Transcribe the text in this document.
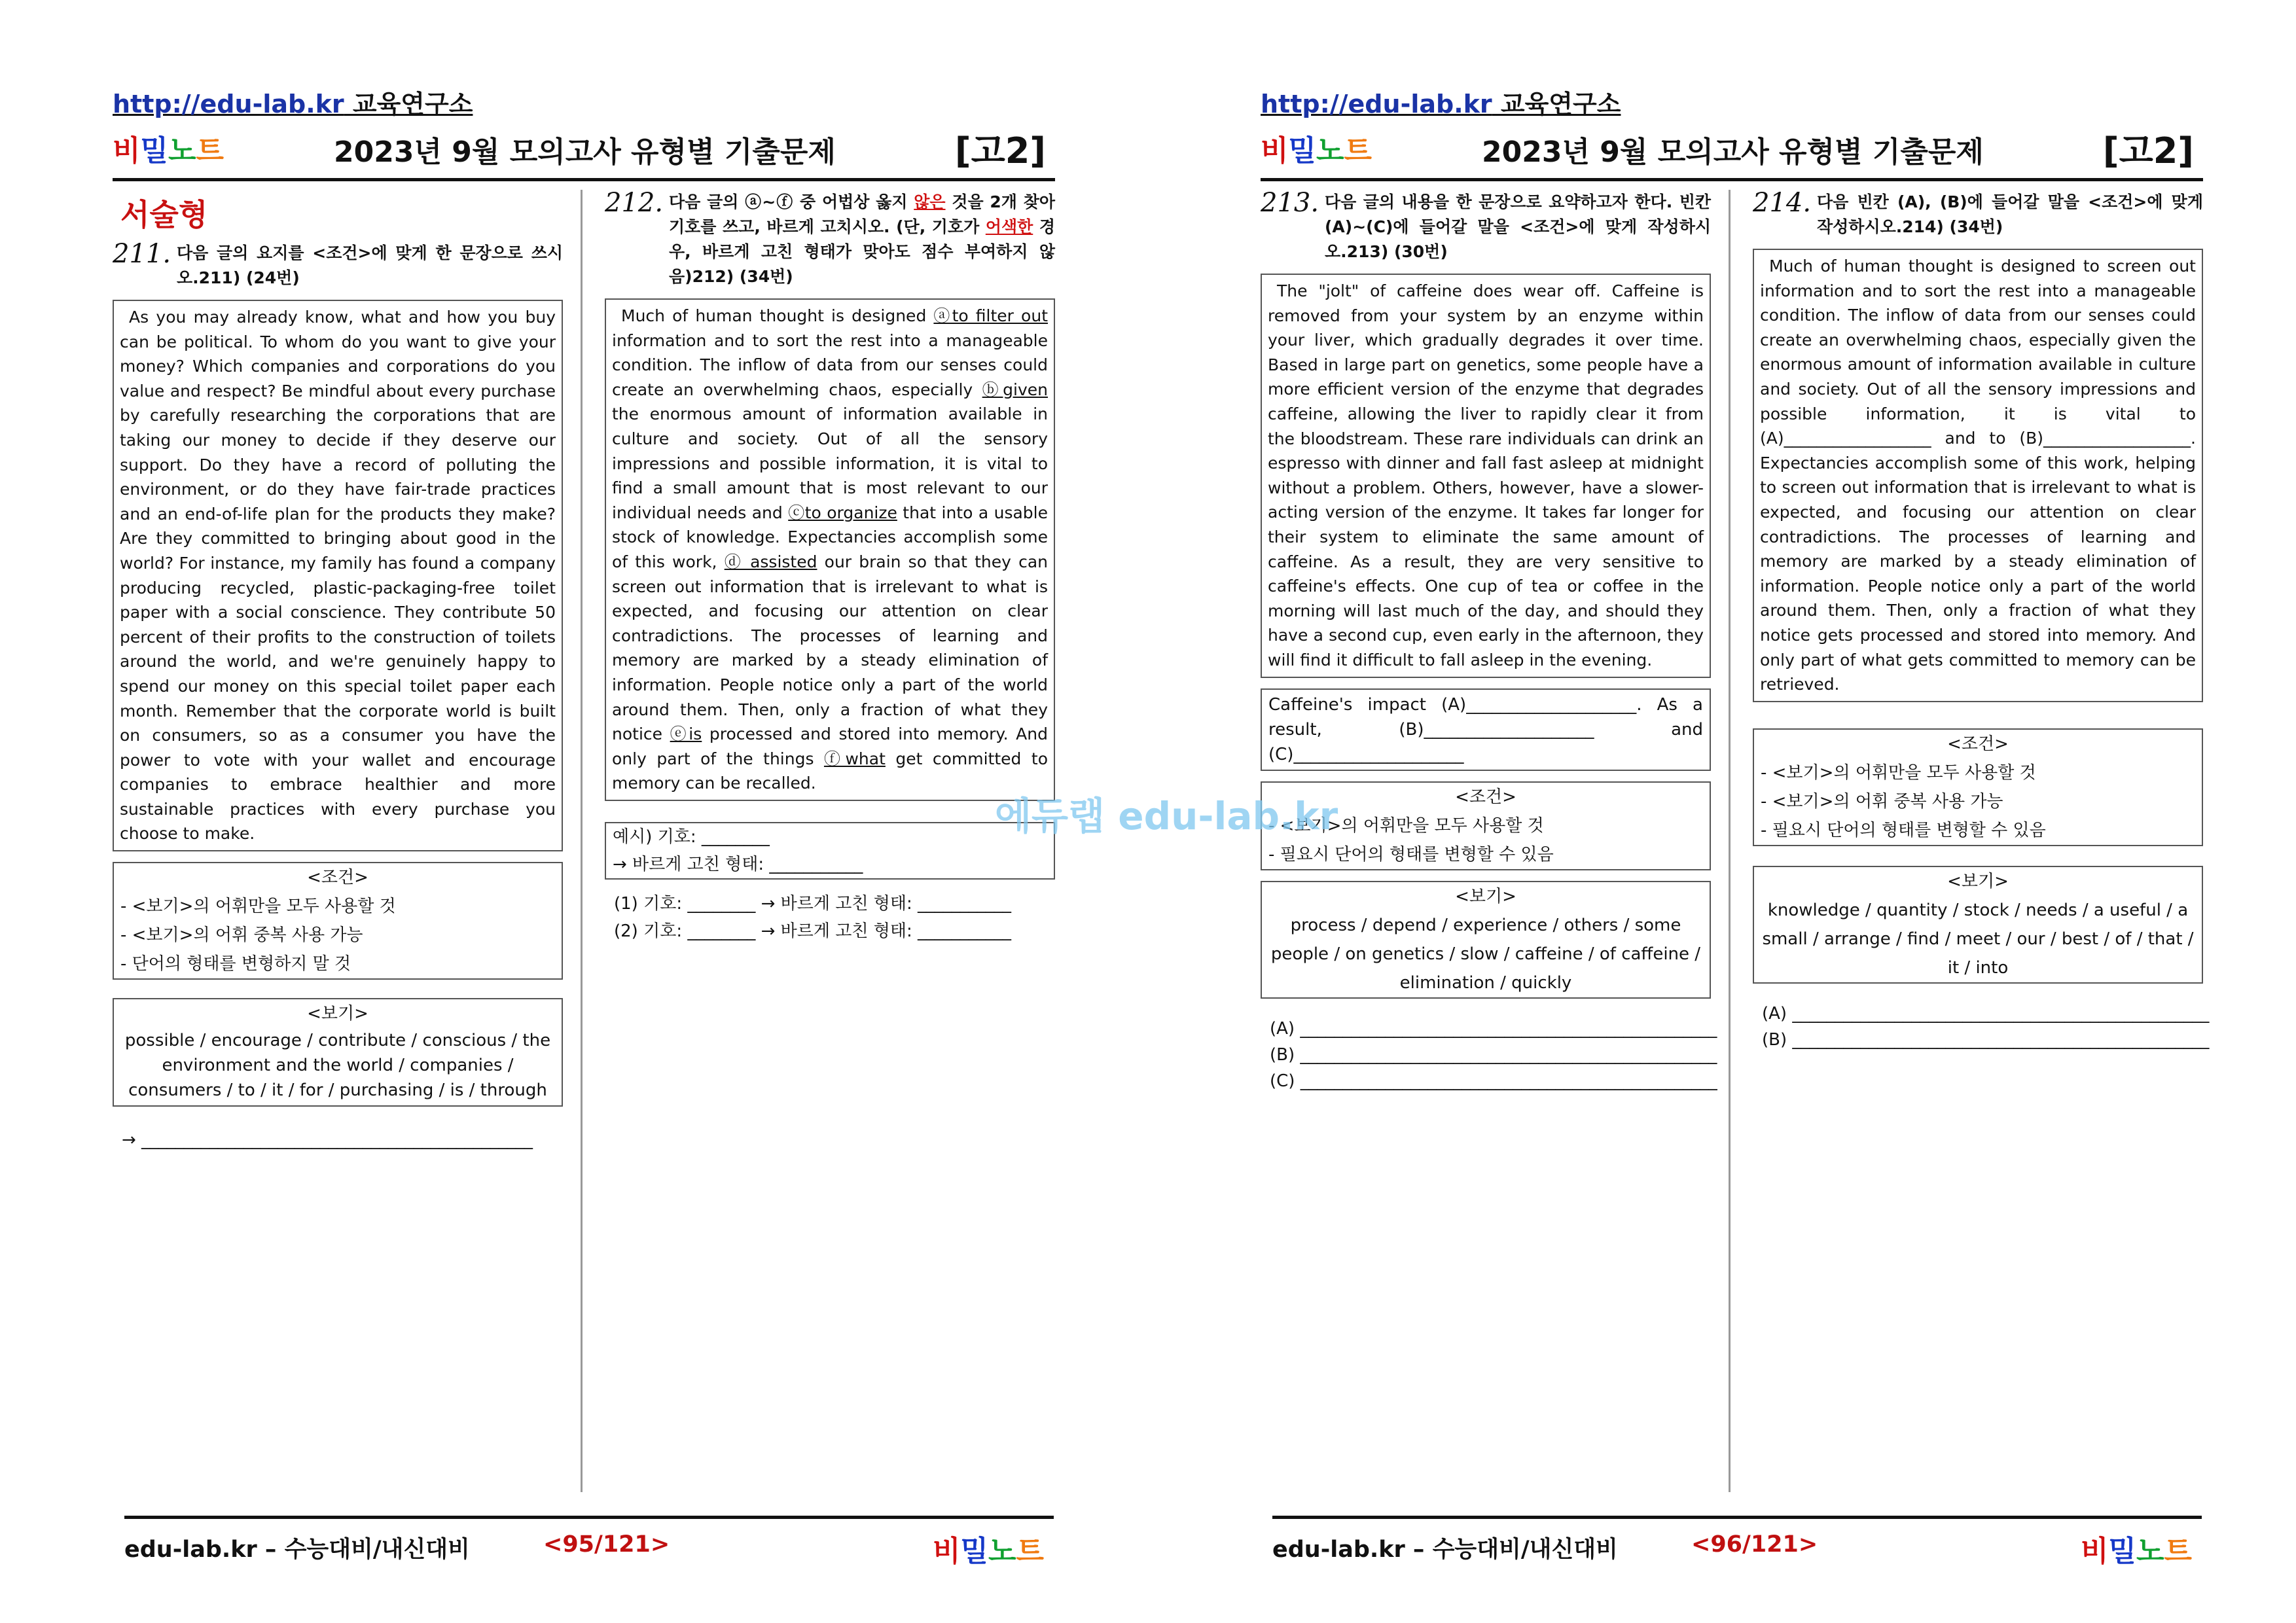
http://edu-lab.kr 교육연구소
비밀노트	2023년 9월 모의고사 유형별 기출문제	[고2]
서술형
211. 다음 글의 요지를 <조건>에 맞게 한 문장으로 쓰시오.211) (24번)
As you may already know, what and how you buy can be political. To whom do you want to give your money? Which companies and corporations do you value and respect? Be mindful about every purchase by carefully researching the corporations that are taking our money to decide if they deserve our support. Do they have a record of polluting the environment, or do they have fair-trade practices and an end-of-life plan for the products they make? Are they committed to bringing about good in the world? For instance, my family has found a company producing recycled, plastic-packaging-free toilet paper with a social conscience. They contribute 50 percent of their profits to the construction of toilets around the world, and we're genuinely happy to spend our money on this special toilet paper each month. Remember that the corporate world is built on consumers, so as a consumer you have the power to vote with your wallet and encourage companies to embrace healthier and more sustainable practices with every purchase you choose to make.
<조건>
- <보기>의 어휘만을 모두 사용할 것
- <보기>의 어휘 중복 사용 가능
- 단어의 형태를 변형하지 말 것
<보기>
possible / encourage / contribute / conscious / the environment and the world / companies / consumers / to / it / for / purchasing / is / through
→ ______________________________________________
212. 다음 글의 ⓐ~ⓕ 중 어법상 옳지 않은 것을 2개 찾아 기호를 쓰고, 바르게 고치시오. (단, 기호가 어색한 경우, 바르게 고친 형태가 맞아도 점수 부여하지 않음)212) (34번)
Much of human thought is designed ⓐto filter out information and to sort the rest into a manageable condition. The inflow of data from our senses could create an overwhelming chaos, especially ⓑgiven the enormous amount of information available in culture and society. Out of all the sensory impressions and possible information, it is vital to find a small amount that is most relevant to our individual needs and ⓒto organize that into a usable stock of knowledge. Expectancies accomplish some of this work, ⓓ assisted our brain so that they can screen out information that is irrelevant to what is expected, and focusing our attention on clear contradictions. The processes of learning and memory are marked by a steady elimination of information. People notice only a part of the world around them. Then, only a fraction of what they notice ⓔis processed and stored into memory. And only part of the things ⓕwhat get committed to memory can be recalled.
예시) 기호: ________
→ 바르게 고친 형태: ___________
(1) 기호: ________ → 바르게 고친 형태: ___________
(2) 기호: ________ → 바르게 고친 형태: ___________
edu-lab.kr – 수능대비/내신대비	<95/121>	비밀노트
http://edu-lab.kr 교육연구소
비밀노트	2023년 9월 모의고사 유형별 기출문제	[고2]
213. 다음 글의 내용을 한 문장으로 요약하고자 한다. 빈칸 (A)~(C)에 들어갈 말을 <조건>에 맞게 작성하시오.213) (30번)
The "jolt" of caffeine does wear off. Caffeine is removed from your system by an enzyme within your liver, which gradually degrades it over time. Based in large part on genetics, some people have a more efficient version of the enzyme that degrades caffeine, allowing the liver to rapidly clear it from the bloodstream. These rare individuals can drink an espresso with dinner and fall fast asleep at midnight without a problem. Others, however, have a slower-acting version of the enzyme. It takes far longer for their system to eliminate the same amount of caffeine. As a result, they are very sensitive to caffeine's effects. One cup of tea or coffee in the morning will last much of the day, and should they have a second cup, even early in the afternoon, they will find it difficult to fall asleep in the evening.
Caffeine's impact (A)____________________. As a result, (B)____________________ and (C)____________________
<조건>
- <보기>의 어휘만을 모두 사용할 것
- 필요시 단어의 형태를 변형할 수 있음
<보기>
process / depend / experience / others / some people / on genetics / slow / caffeine / of caffeine / elimination / quickly
(A) _________________________________________________
(B) _________________________________________________
(C) _________________________________________________
214. 다음 빈칸 (A), (B)에 들어갈 말을 <조건>에 맞게 작성하시오.214) (34번)
Much of human thought is designed to screen out information and to sort the rest into a manageable condition. The inflow of data from our senses could create an overwhelming chaos, especially given the enormous amount of information available in culture and society. Out of all the sensory impressions and possible information, it is vital to (A)__________________ and to (B)__________________. Expectancies accomplish some of this work, helping to screen out information that is irrelevant to what is expected, and focusing our attention on clear contradictions. The processes of learning and memory are marked by a steady elimination of information. People notice only a part of the world around them. Then, only a fraction of what they notice gets processed and stored into memory. And only part of what gets committed to memory can be retrieved.
<조건>
- <보기>의 어휘만을 모두 사용할 것
- <보기>의 어휘 중복 사용 가능
- 필요시 단어의 형태를 변형할 수 있음
<보기>
knowledge / quantity / stock / needs / a useful / a small / arrange / find / meet / our / best / of / that / it / into
(A) _________________________________________________
(B) _________________________________________________
edu-lab.kr – 수능대비/내신대비	<96/121>	비밀노트
에듀랩 edu-lab.kr
